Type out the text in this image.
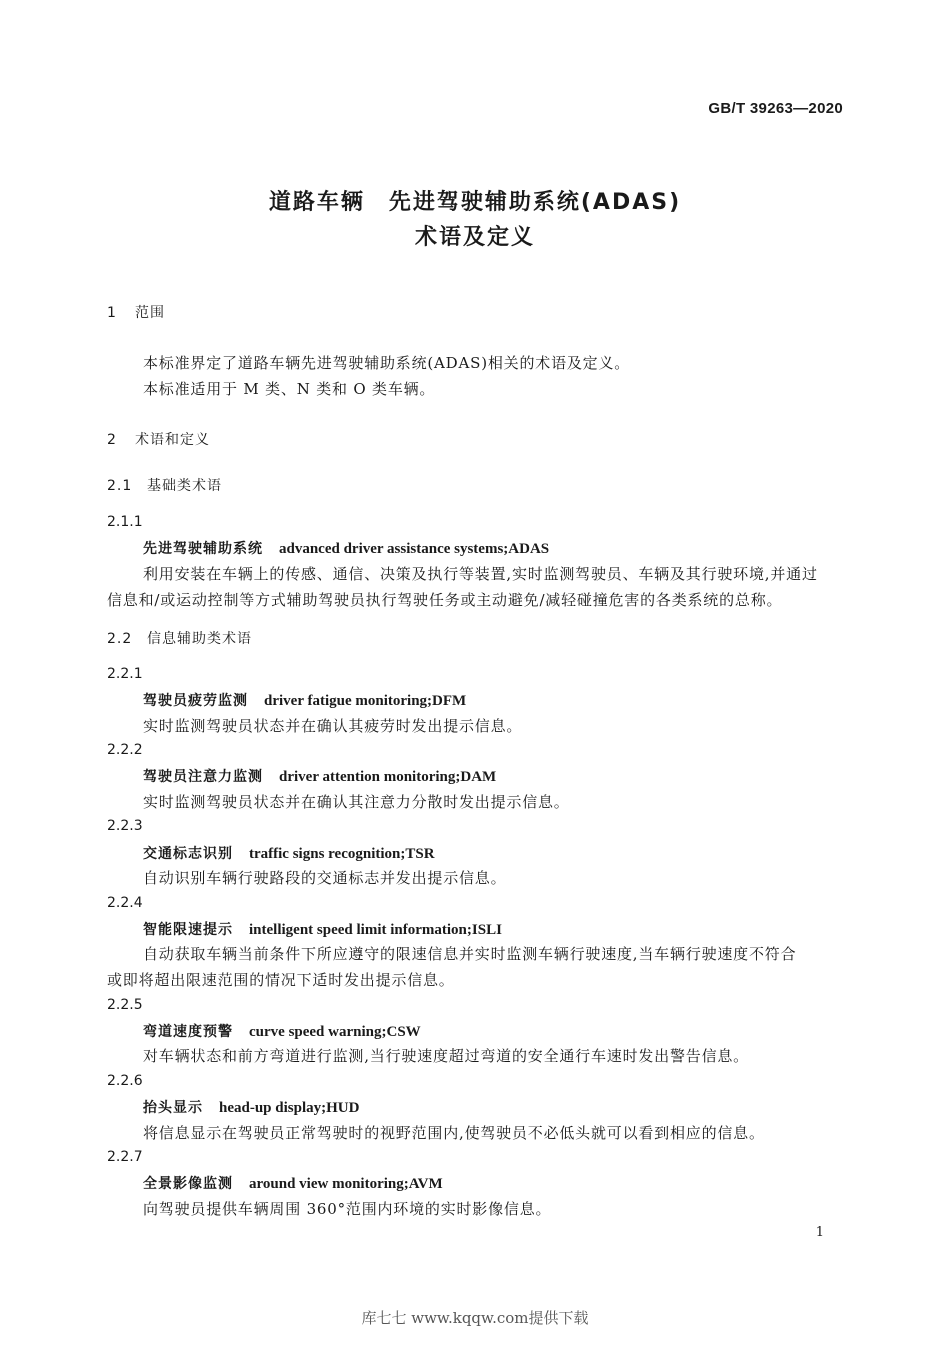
GB/T 39263—2020
道路车辆　先进驾驶辅助系统(ADAS)
术语及定义
1 范围
本标准界定了道路车辆先进驾驶辅助系统(ADAS)相关的术语及定义。
本标准适用于 M 类、N 类和 O 类车辆。
2 术语和定义
2.1 基础类术语
2.1.1
先进驾驶辅助系统 advanced driver assistance systems;ADAS
利用安装在车辆上的传感、通信、决策及执行等装置,实时监测驾驶员、车辆及其行驶环境,并通过
信息和/或运动控制等方式辅助驾驶员执行驾驶任务或主动避免/减轻碰撞危害的各类系统的总称。
2.2 信息辅助类术语
2.2.1
驾驶员疲劳监测 driver fatigue monitoring;DFM
实时监测驾驶员状态并在确认其疲劳时发出提示信息。
2.2.2
驾驶员注意力监测 driver attention monitoring;DAM
实时监测驾驶员状态并在确认其注意力分散时发出提示信息。
2.2.3
交通标志识别 traffic signs recognition;TSR
自动识别车辆行驶路段的交通标志并发出提示信息。
2.2.4
智能限速提示 intelligent speed limit information;ISLI
自动获取车辆当前条件下所应遵守的限速信息并实时监测车辆行驶速度,当车辆行驶速度不符合
或即将超出限速范围的情况下适时发出提示信息。
2.2.5
弯道速度预警 curve speed warning;CSW
对车辆状态和前方弯道进行监测,当行驶速度超过弯道的安全通行车速时发出警告信息。
2.2.6
抬头显示 head-up display;HUD
将信息显示在驾驶员正常驾驶时的视野范围内,使驾驶员不必低头就可以看到相应的信息。
2.2.7
全景影像监测 around view monitoring;AVM
向驾驶员提供车辆周围 360°范围内环境的实时影像信息。
1
库七七 www.kqqw.com提供下载
